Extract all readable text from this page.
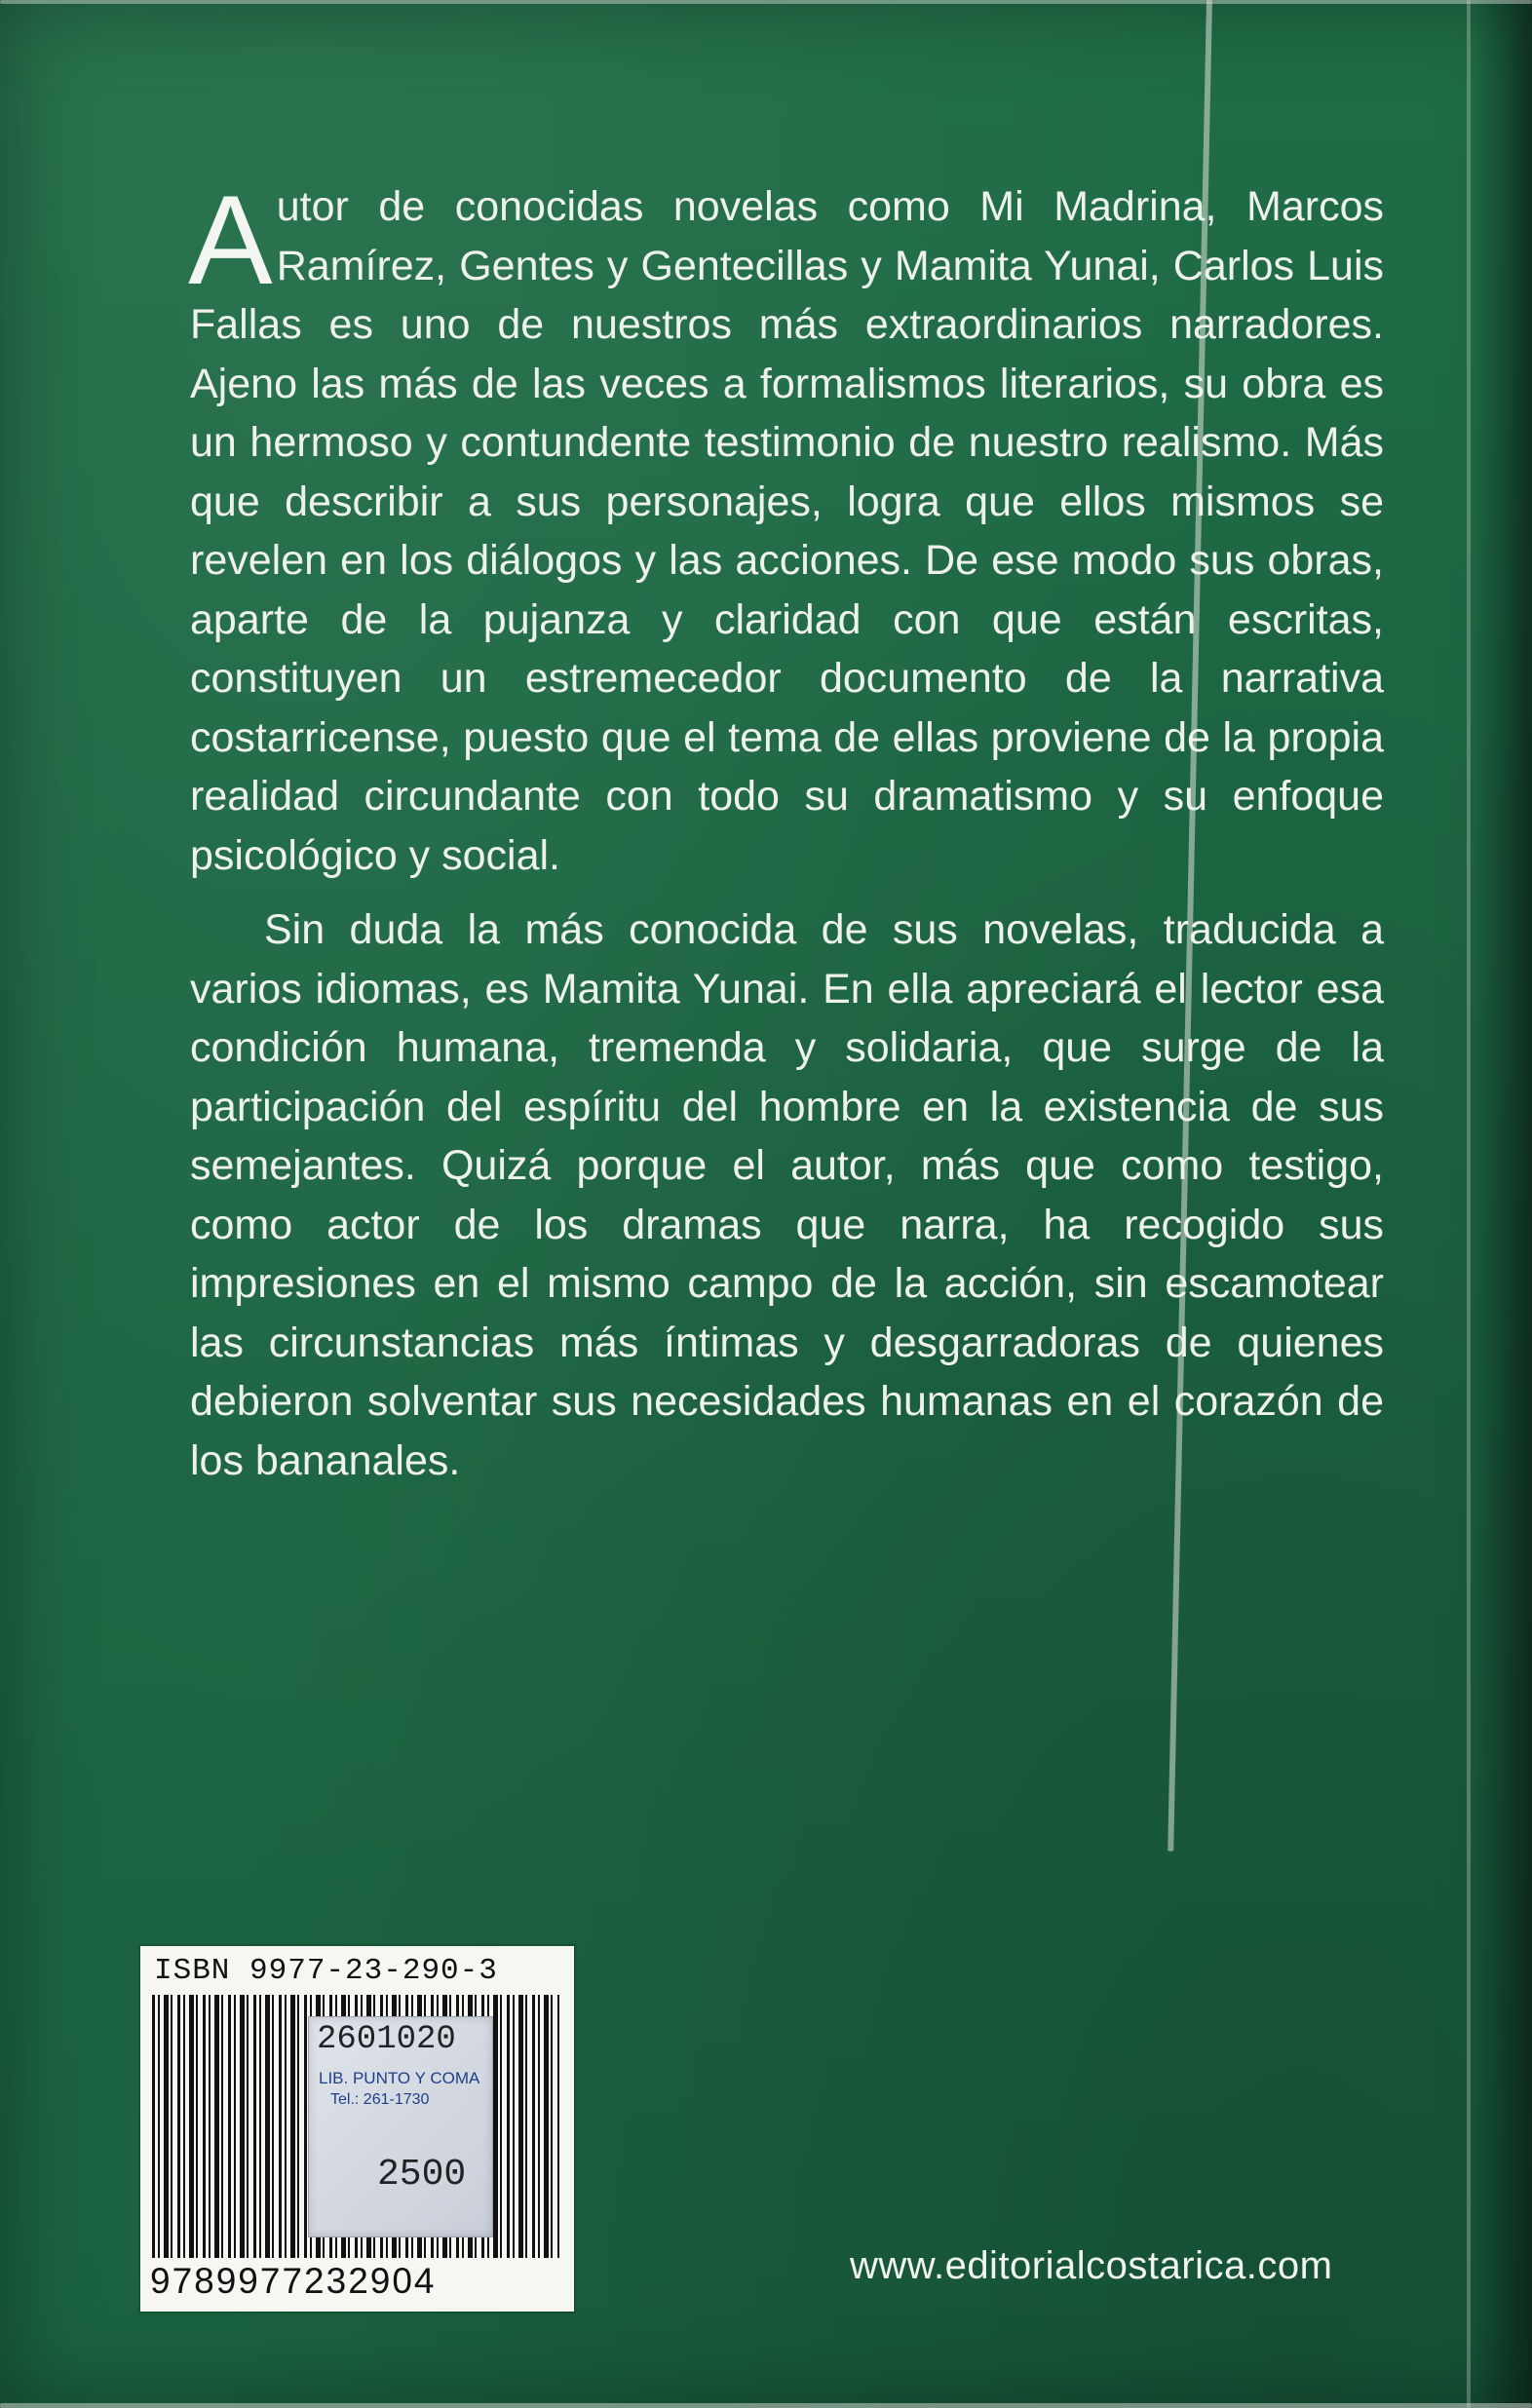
Autor de conocidas novelas como Mi Madrina, Marcos Ramírez, Gentes y Gentecillas y Mamita Yunai, Carlos Luis Fallas es uno de nuestros más extraordinarios narradores. Ajeno las más de las veces a formalismos literarios, su obra es un hermoso y contundente testimonio de nuestro realismo. Más que describir a sus personajes, logra que ellos mismos se revelen en los diálogos y las acciones. De ese modo sus obras, aparte de la pujanza y claridad con que están escritas, constituyen un estremecedor documento de la narrativa costarricense, puesto que el tema de ellas proviene de la propia realidad circundante con todo su dramatismo y su enfoque psicológico y social.

Sin duda la más conocida de sus novelas, traducida a varios idiomas, es Mamita Yunai. En ella apreciará el lector esa condición humana, tremenda y solidaria, que surge de la participación del espíritu del hombre en la existencia de sus semejantes. Quizá porque el autor, más que como testigo, como actor de los dramas que narra, ha recogido sus impresiones en el mismo campo de la acción, sin escamotear las circunstancias más íntimas y desgarradoras de quienes debieron solventar sus necesidades humanas en el corazón de los bananales.

ISBN 9977-23-290-3
9789977232904
2601020
LIB. PUNTO Y COMA
Tel.: 261-1730
2500
www.editorialcostarica.com
